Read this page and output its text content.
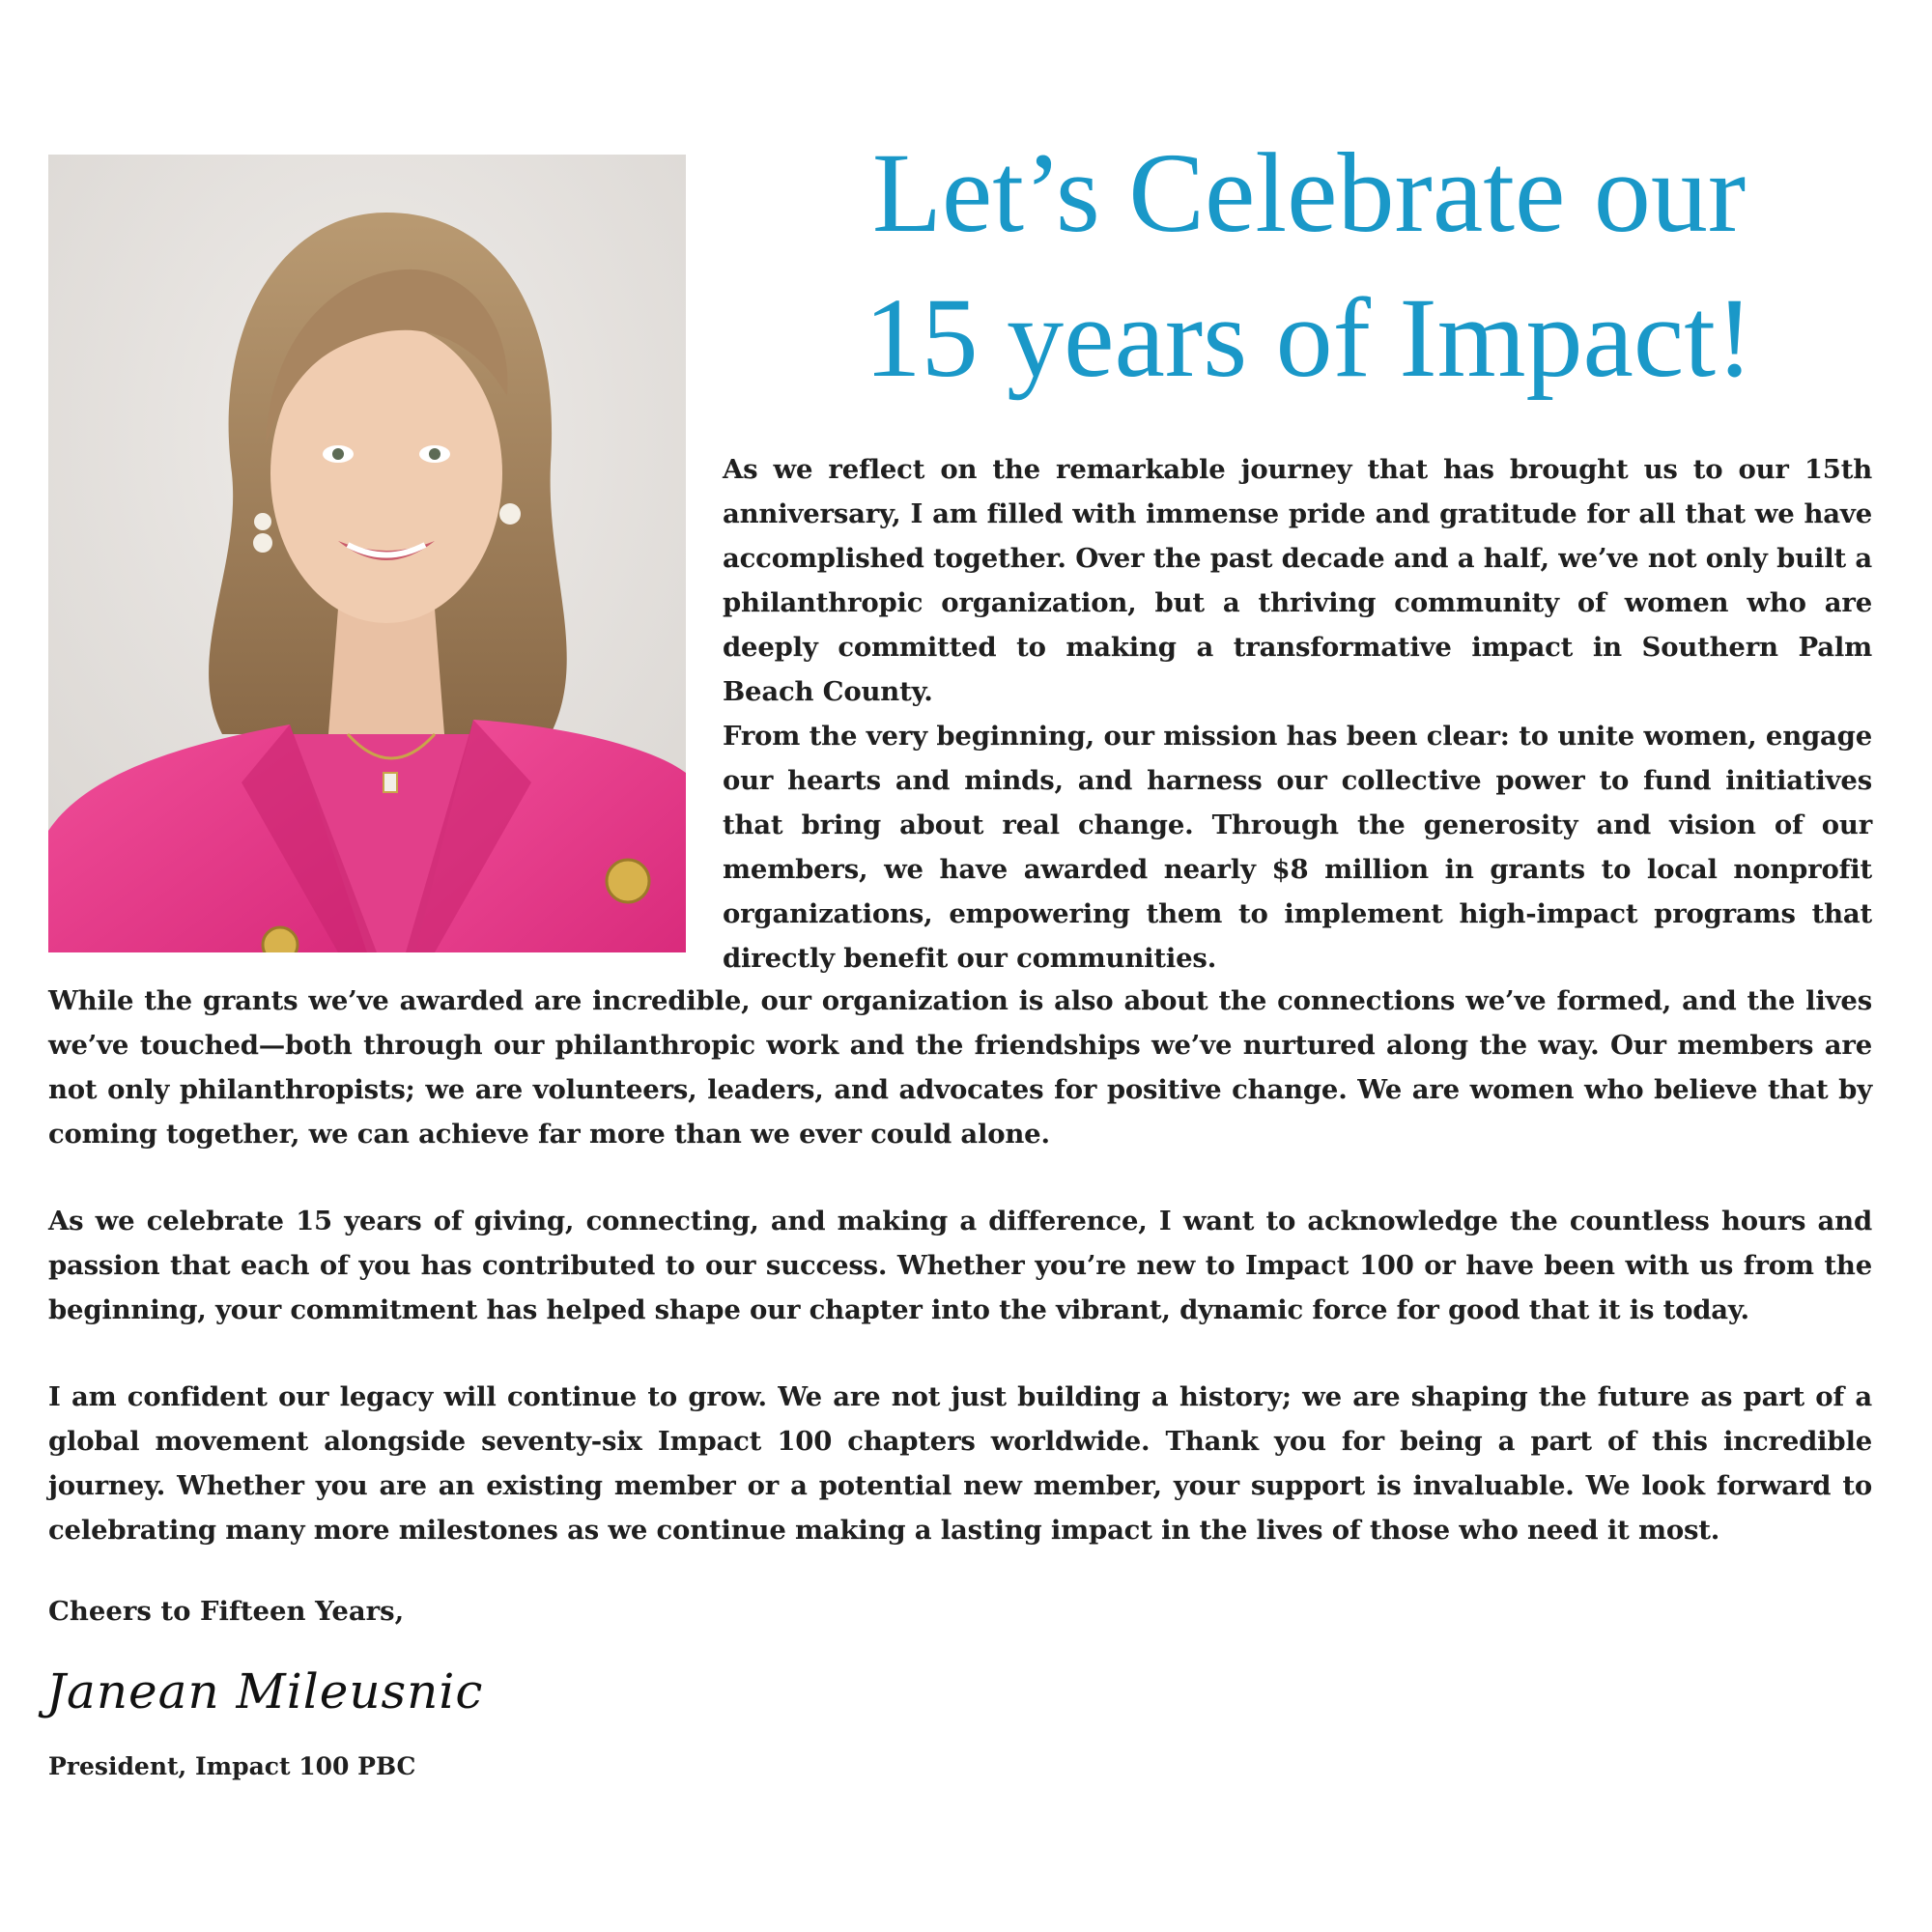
Let’s Celebrate our
15 years of Impact!

As we reflect on the remarkable journey that has brought us to our 15th anniversary, I am filled with immense pride and gratitude for all that we have accomplished together. Over the past decade and a half, we’ve not only built a philanthropic organization, but a thriving community of women who are deeply committed to making a transformative impact in Southern Palm Beach County.

From the very beginning, our mission has been clear: to unite women, engage our hearts and minds, and harness our collective power to fund initiatives that bring about real change. Through the generosity and vision of our members, we have awarded nearly $8 million in grants to local nonprofit organizations, empowering them to implement high-impact programs that directly benefit our communities.

While the grants we’ve awarded are incredible, our organization is also about the connections we’ve formed, and the lives we’ve touched—both through our philanthropic work and the friendships we’ve nurtured along the way. Our members are not only philanthropists; we are volunteers, leaders, and advocates for positive change. We are women who believe that by coming together, we can achieve far more than we ever could alone.

As we celebrate 15 years of giving, connecting, and making a difference, I want to acknowledge the countless hours and passion that each of you has contributed to our success. Whether you’re new to Impact 100 or have been with us from the beginning, your commitment has helped shape our chapter into the vibrant, dynamic force for good that it is today.

I am confident our legacy will continue to grow. We are not just building a history; we are shaping the future as part of a global movement alongside seventy-six Impact 100 chapters worldwide. Thank you for being a part of this incredible journey. Whether you are an existing member or a potential new member, your support is invaluable. We look forward to celebrating many more milestones as we continue making a lasting impact in the lives of those who need it most.

Cheers to Fifteen Years,

Janean Mileusnic

President, Impact 100 PBC
